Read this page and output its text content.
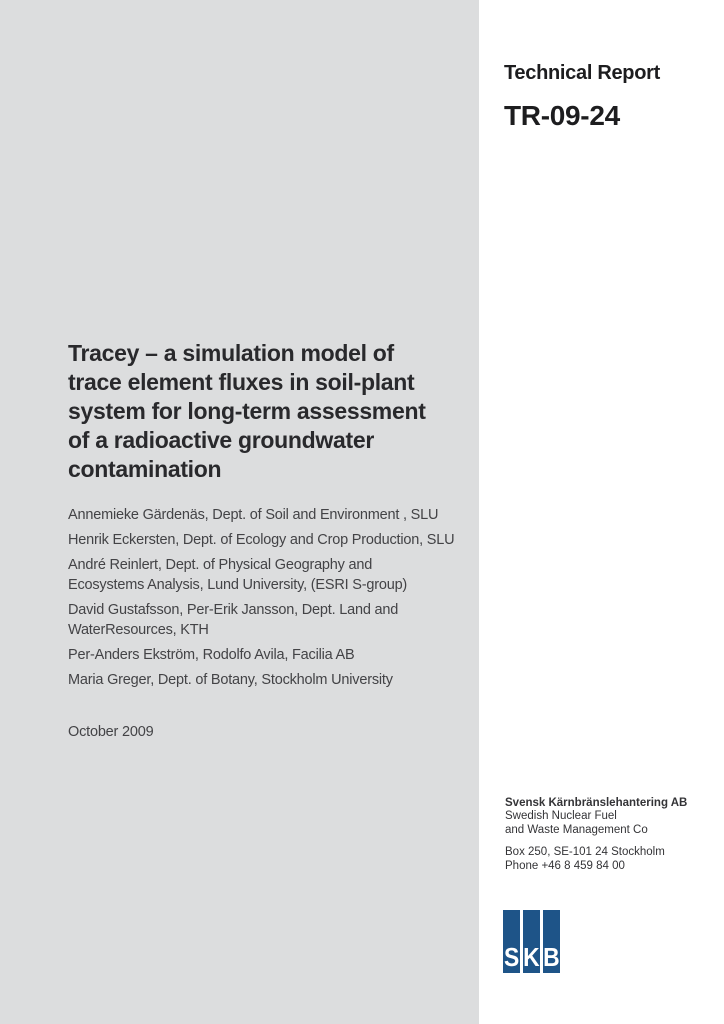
Technical Report
TR-09-24
Tracey – a simulation model of
trace element fluxes in soil-plant
system for long-term assessment
of a radioactive groundwater
contamination
Annemieke Gärdenäs, Dept. of Soil and Environment , SLU
Henrik Eckersten, Dept. of Ecology and Crop Production, SLU
André Reinlert, Dept. of Physical Geography and
Ecosystems Analysis, Lund University, (ESRI S-group)
David Gustafsson, Per-Erik Jansson, Dept. Land and
WaterResources, KTH
Per-Anders Ekström, Rodolfo Avila, Facilia AB
Maria Greger, Dept. of Botany, Stockholm University
October 2009
Svensk Kärnbränslehantering AB
Swedish Nuclear Fuel
and Waste Management Co
Box 250, SE-101 24 Stockholm
Phone +46 8 459 84 00
S K B
